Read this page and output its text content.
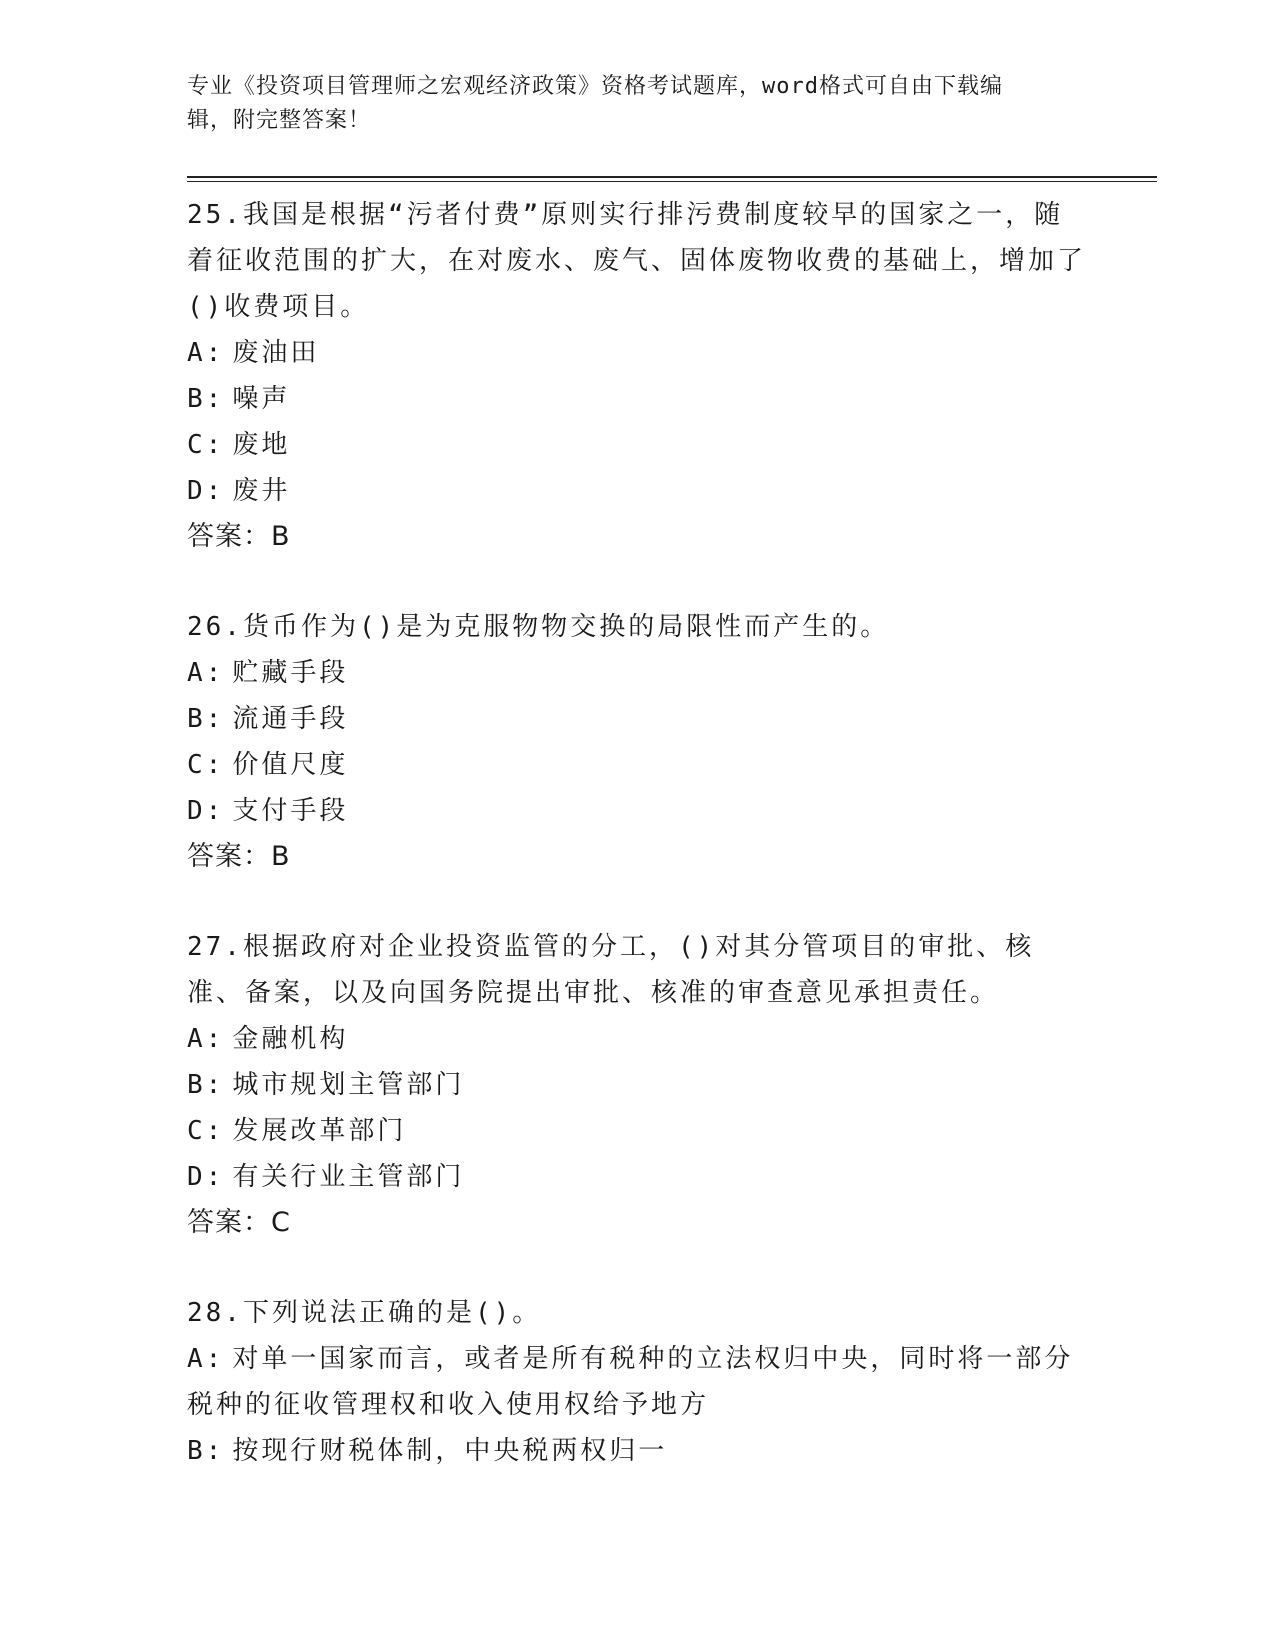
专业《投资项目管理师之宏观经济政策》资格考试题库，word格式可自由下载编
辑，附完整答案！
25.我国是根据“污者付费”原则实行排污费制度较早的国家之一，随着征收范围的扩大，在对废水、废气、固体废物收费的基础上，增加了()收费项目。
A: 废油田
B: 噪声
C: 废地
D: 废井
答案：B
26.货币作为()是为克服物物交换的局限性而产生的。
A: 贮藏手段
B: 流通手段
C: 价值尺度
D: 支付手段
答案：B
27.根据政府对企业投资监管的分工，()对其分管项目的审批、核准、备案，以及向国务院提出审批、核准的审查意见承担责任。
A: 金融机构
B: 城市规划主管部门
C: 发展改革部门
D: 有关行业主管部门
答案：C
28.下列说法正确的是()。
A: 对单一国家而言，或者是所有税种的立法权归中央，同时将一部分税种的征收管理权和收入使用权给予地方
B: 按现行财税体制，中央税两权归一
